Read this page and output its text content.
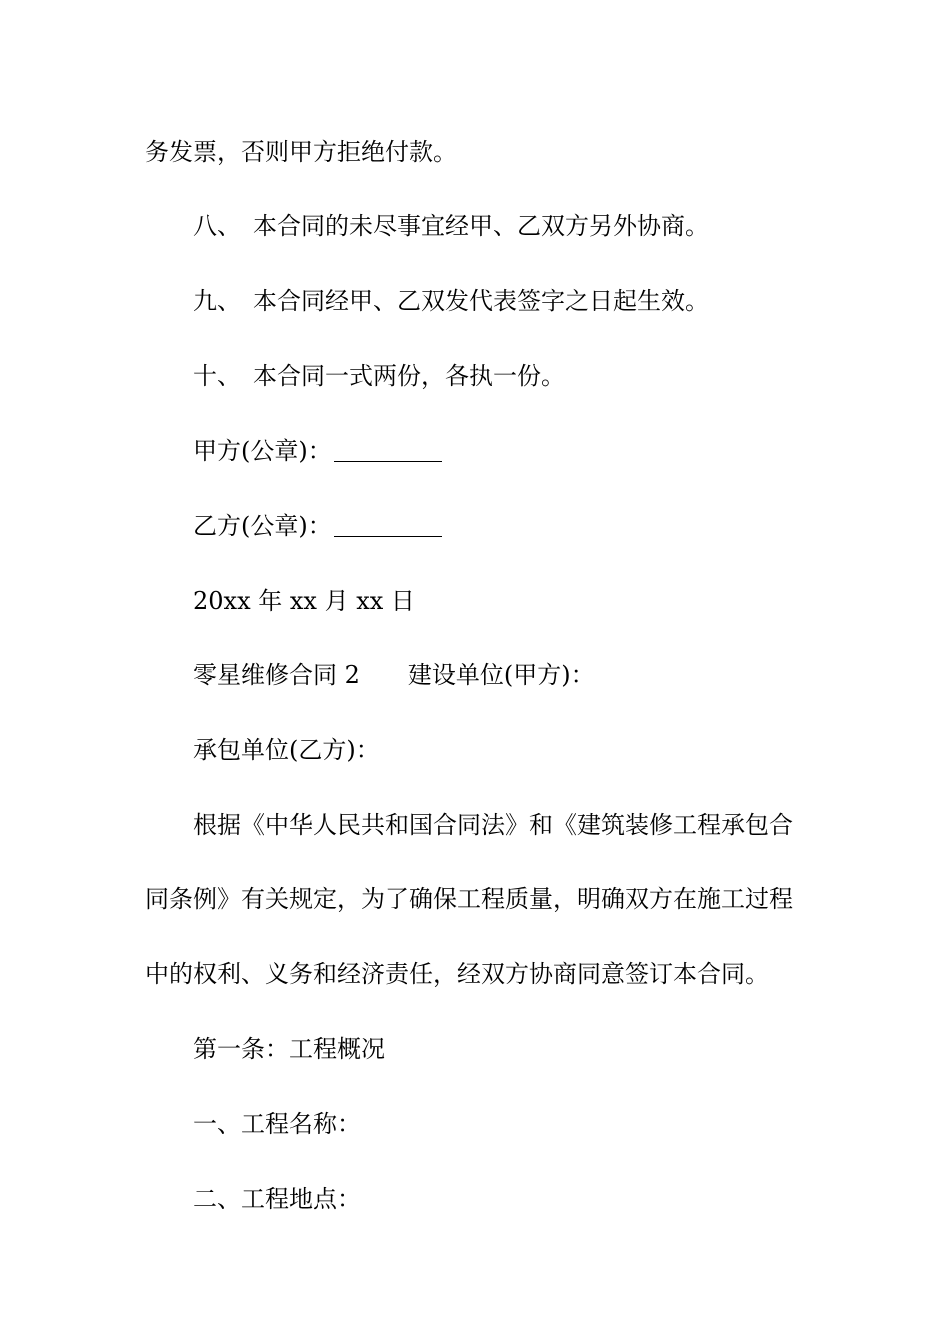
务发票，否则甲方拒绝付款。

八、 本合同的未尽事宜经甲、乙双方另外协商。

九、 本合同经甲、乙双发代表签字之日起生效。

十、 本合同一式两份，各执一份。

甲方(公章)：

乙方(公章)：

20xx 年 xx 月 xx 日

零星维修合同 2 建设单位(甲方)：

承包单位(乙方)：

根据《中华人民共和国合同法》和《建筑装修工程承包合

同条例》有关规定，为了确保工程质量，明确双方在施工过程

中的权利、义务和经济责任，经双方协商同意签订本合同。

第一条：工程概况

一、工程名称：

二、工程地点：
